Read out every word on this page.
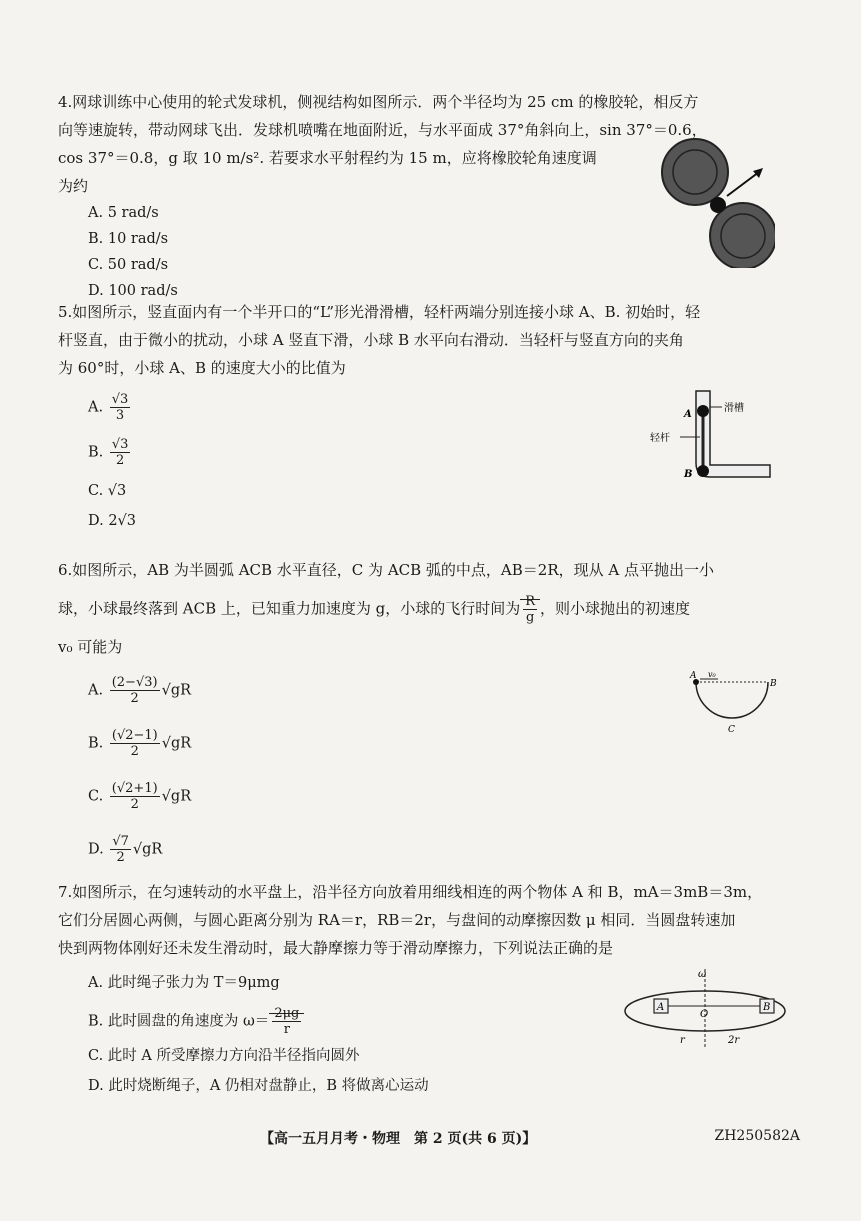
4.网球训练中心使用的轮式发球机，侧视结构如图所示．两个半径均为 25 cm 的橡胶轮，相反方

向等速旋转，带动网球飞出．发球机喷嘴在地面附近，与水平面成 37°角斜向上，sin 37°＝0.6，

cos 37°＝0.8，g 取 10 m/s². 若要求水平射程约为 15 m，应将橡胶轮角速度调

为约

A. 5 rad/s
B. 10 rad/s
C. 50 rad/s
D. 100 rad/s

5.如图所示，竖直面内有一个半开口的“L”形光滑滑槽，轻杆两端分别连接小球 A、B. 初始时，轻

杆竖直，由于微小的扰动，小球 A 竖直下滑，小球 B 水平向右滑动．当轻杆与竖直方向的夹角

为 60°时，小球 A、B 的速度大小的比值为

A. $\frac{√3}{3}$
B. $\frac{√3}{2}$
C. √3
D. 2√3
滑槽
A
轻杆
B

6.如图所示，AB 为半圆弧 ACB 水平直径，C 为 ACB 弧的中点，AB＝2R，现从 A 点平抛出一小

球，小球最终落到 ACB 上，已知重力加速度为 g，小球的飞行时间为 $\frac{R}{g}$ ，则小球抛出的初速度

v₀ 可能为

A. $\frac{(2-√3)}{2} √gR$
B. $\frac{(√2-1)}{2} √gR$
C. $\frac{(√2+1)}{2} √gR$
D. $\frac{√7}{2} √gR$
A v₀
B
C

7.如图所示，在匀速转动的水平盘上，沿半径方向放着用细线相连的两个物体 A 和 B，mA＝3mB＝3m，

它们分居圆心两侧，与圆心距离分别为 RA＝r，RB＝2r，与盘间的动摩擦因数 μ 相同．当圆盘转速加

快到两物体刚好还未发生滑动时，最大静摩擦力等于滑动摩擦力，下列说法正确的是

A. 此时绳子张力为 T＝9μmg
B. 此时圆盘的角速度为 $\omega= \frac{2\mu g}{r}$
C. 此时 A 所受摩擦力方向沿半径指向圆外
D. 此时烧断绳子，A 仍相对盘静止，B 将做离心运动
ω
A	B
O
r	2r
【高一五月月考・物理　第 2 页(共 6 页)】	ZH250582A
